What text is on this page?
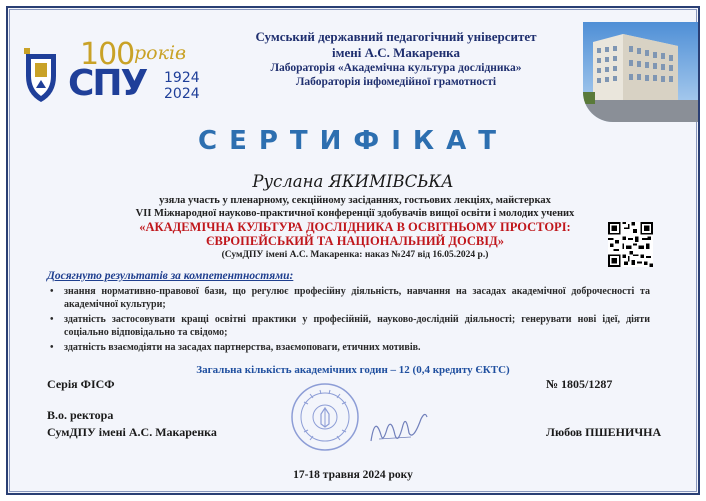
100 років
СПУ 1924
2024
Сумський державний педагогічний університет
імені А.С. Макаренка
Лабораторія «Академічна культура дослідника»
Лабораторія інфомедійної грамотності
СЕРТИФІКАТ
Руслана ЯКИМІВСЬКА
узяла участь у пленарному, секційному засіданнях, гостьових лекціях, майстерках
VII Міжнародної науково-практичної конференції здобувачів вищої освіти і молодих учених
«АКАДЕМІЧНА КУЛЬТУРА ДОСЛІДНИКА В ОСВІТНЬОМУ ПРОСТОРІ: ЄВРОПЕЙСЬКИЙ ТА НАЦІОНАЛЬНИЙ ДОСВІД»
(СумДПУ імені А.С. Макаренка: наказ №247 від 16.05.2024 р.)
Досягнуто результатів за компетентностями:
• знання нормативно-правової бази, що регулює професійну діяльність, навчання на засадах академічної доброчесності та академічної культури;
• здатність застосовувати кращі освітні практики у професійній, науково-дослідній діяльності; генерувати нові ідеї, діяти соціально відповідально та свідомо;
• здатність взаємодіяти на засадах партнерства, взаємоповаги, етичних мотивів.
Загальна кількість академічних годин – 12 (0,4 кредиту ЄКТС)
Серія ФІСФ	№ 1805/1287
В.о. ректора
СумДПУ імені А.С. Макаренка	Любов ПШЕНИЧНА
17-18 травня 2024 року
